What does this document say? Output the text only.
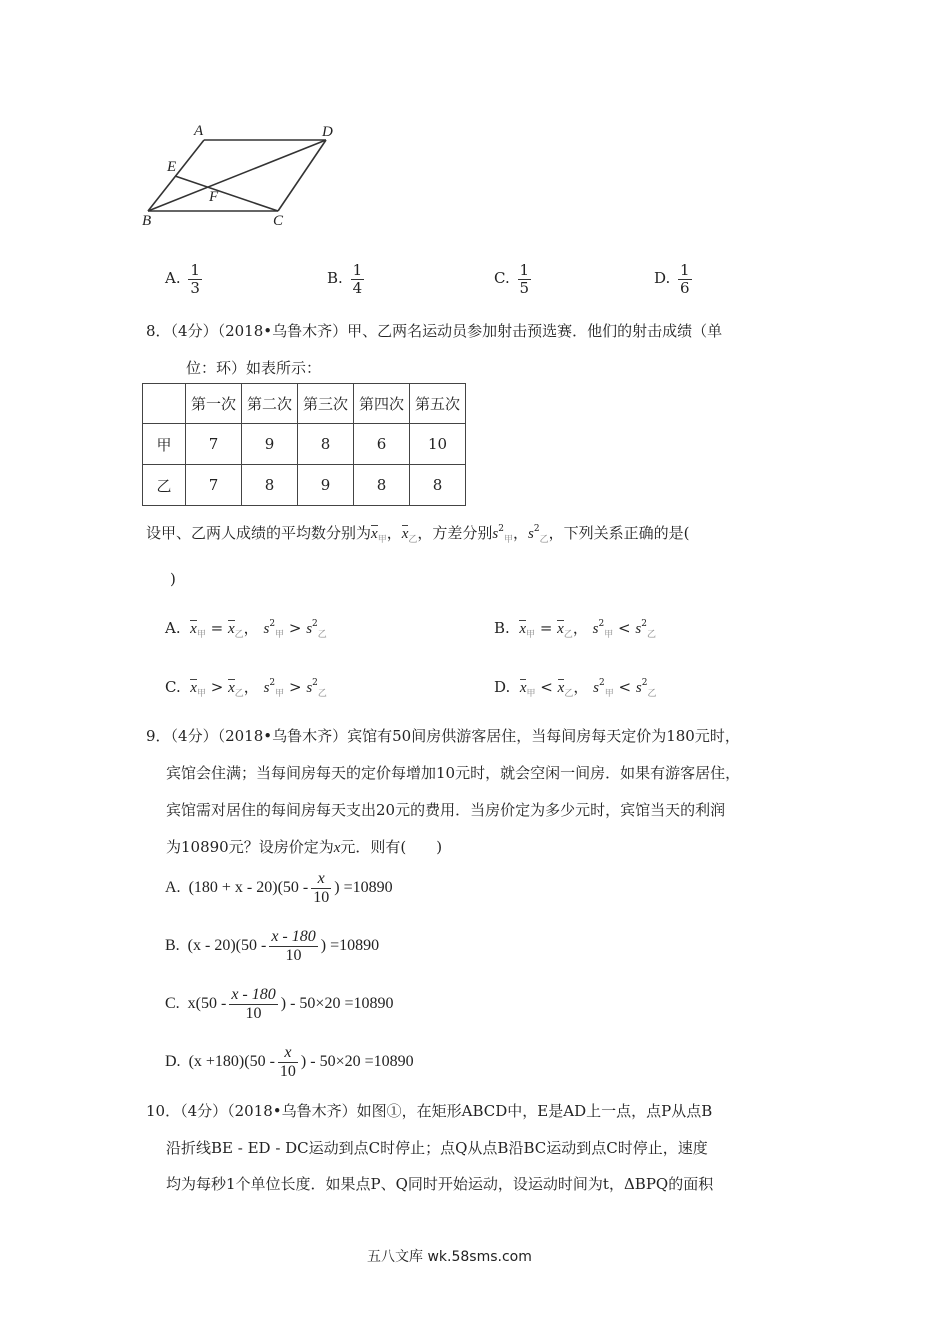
A	D
E
F
B	C
A. $\frac{1}{3}$	B. $\frac{1}{4}$	C. $\frac{1}{5}$	D. $\frac{1}{6}$
8．（4分）（2018•乌鲁木齐）甲、乙两名运动员参加射击预选赛．他们的射击成绩（单
位：环）如表所示：
	第一次	第二次	第三次	第四次	第五次
甲	7	9	8	6	10
乙	7	8	9	8	8
设甲、乙两人成绩的平均数分别为$x_甲$，$x_乙$，方差分别$s^2_甲$，$s^2_乙$，下列关系正确的是(
)
A. $x_甲 = x_乙$， $s^2_甲 > s^2_乙$	B. $x_甲 = x_乙$， $s^2_甲 < s^2_乙$
C. $x_甲 > x_乙$， $s^2_甲 > s^2_乙$	D. $x_甲 < x_乙$， $s^2_甲 < s^2_乙$
9．（4分）（2018•乌鲁木齐）宾馆有50间房供游客居住，当每间房每天定价为180元时，
宾馆会住满；当每间房每天的定价每增加10元时，就会空闲一间房．如果有游客居住，
宾馆需对居住的每间房每天支出20元的费用．当房价定为多少元时，宾馆当天的利润
为10890元？设房价定为x元．则有(　　)
A. $(180 + x - 20)(50 - \frac{x}{10}$ ) =10890
B. $(x - 20)(50 - \frac{x - 180}{10}$ ) =10890
C. $x(50 - \frac{x - 180}{10}$ ) - 50×20 =10890
D. $(x +180)(50 - \frac{x}{10}$ ) - 50×20 =10890
10．（4分）（2018•乌鲁木齐）如图①，在矩形ABCD中，E是AD上一点，点P从点B
沿折线BE - ED - DC运动到点C时停止；点Q从点B沿BC运动到点C时停止，速度
均为每秒1个单位长度．如果点P、Q同时开始运动，设运动时间为t，ΔBPQ的面积
五八文库 wk.58sms.com
